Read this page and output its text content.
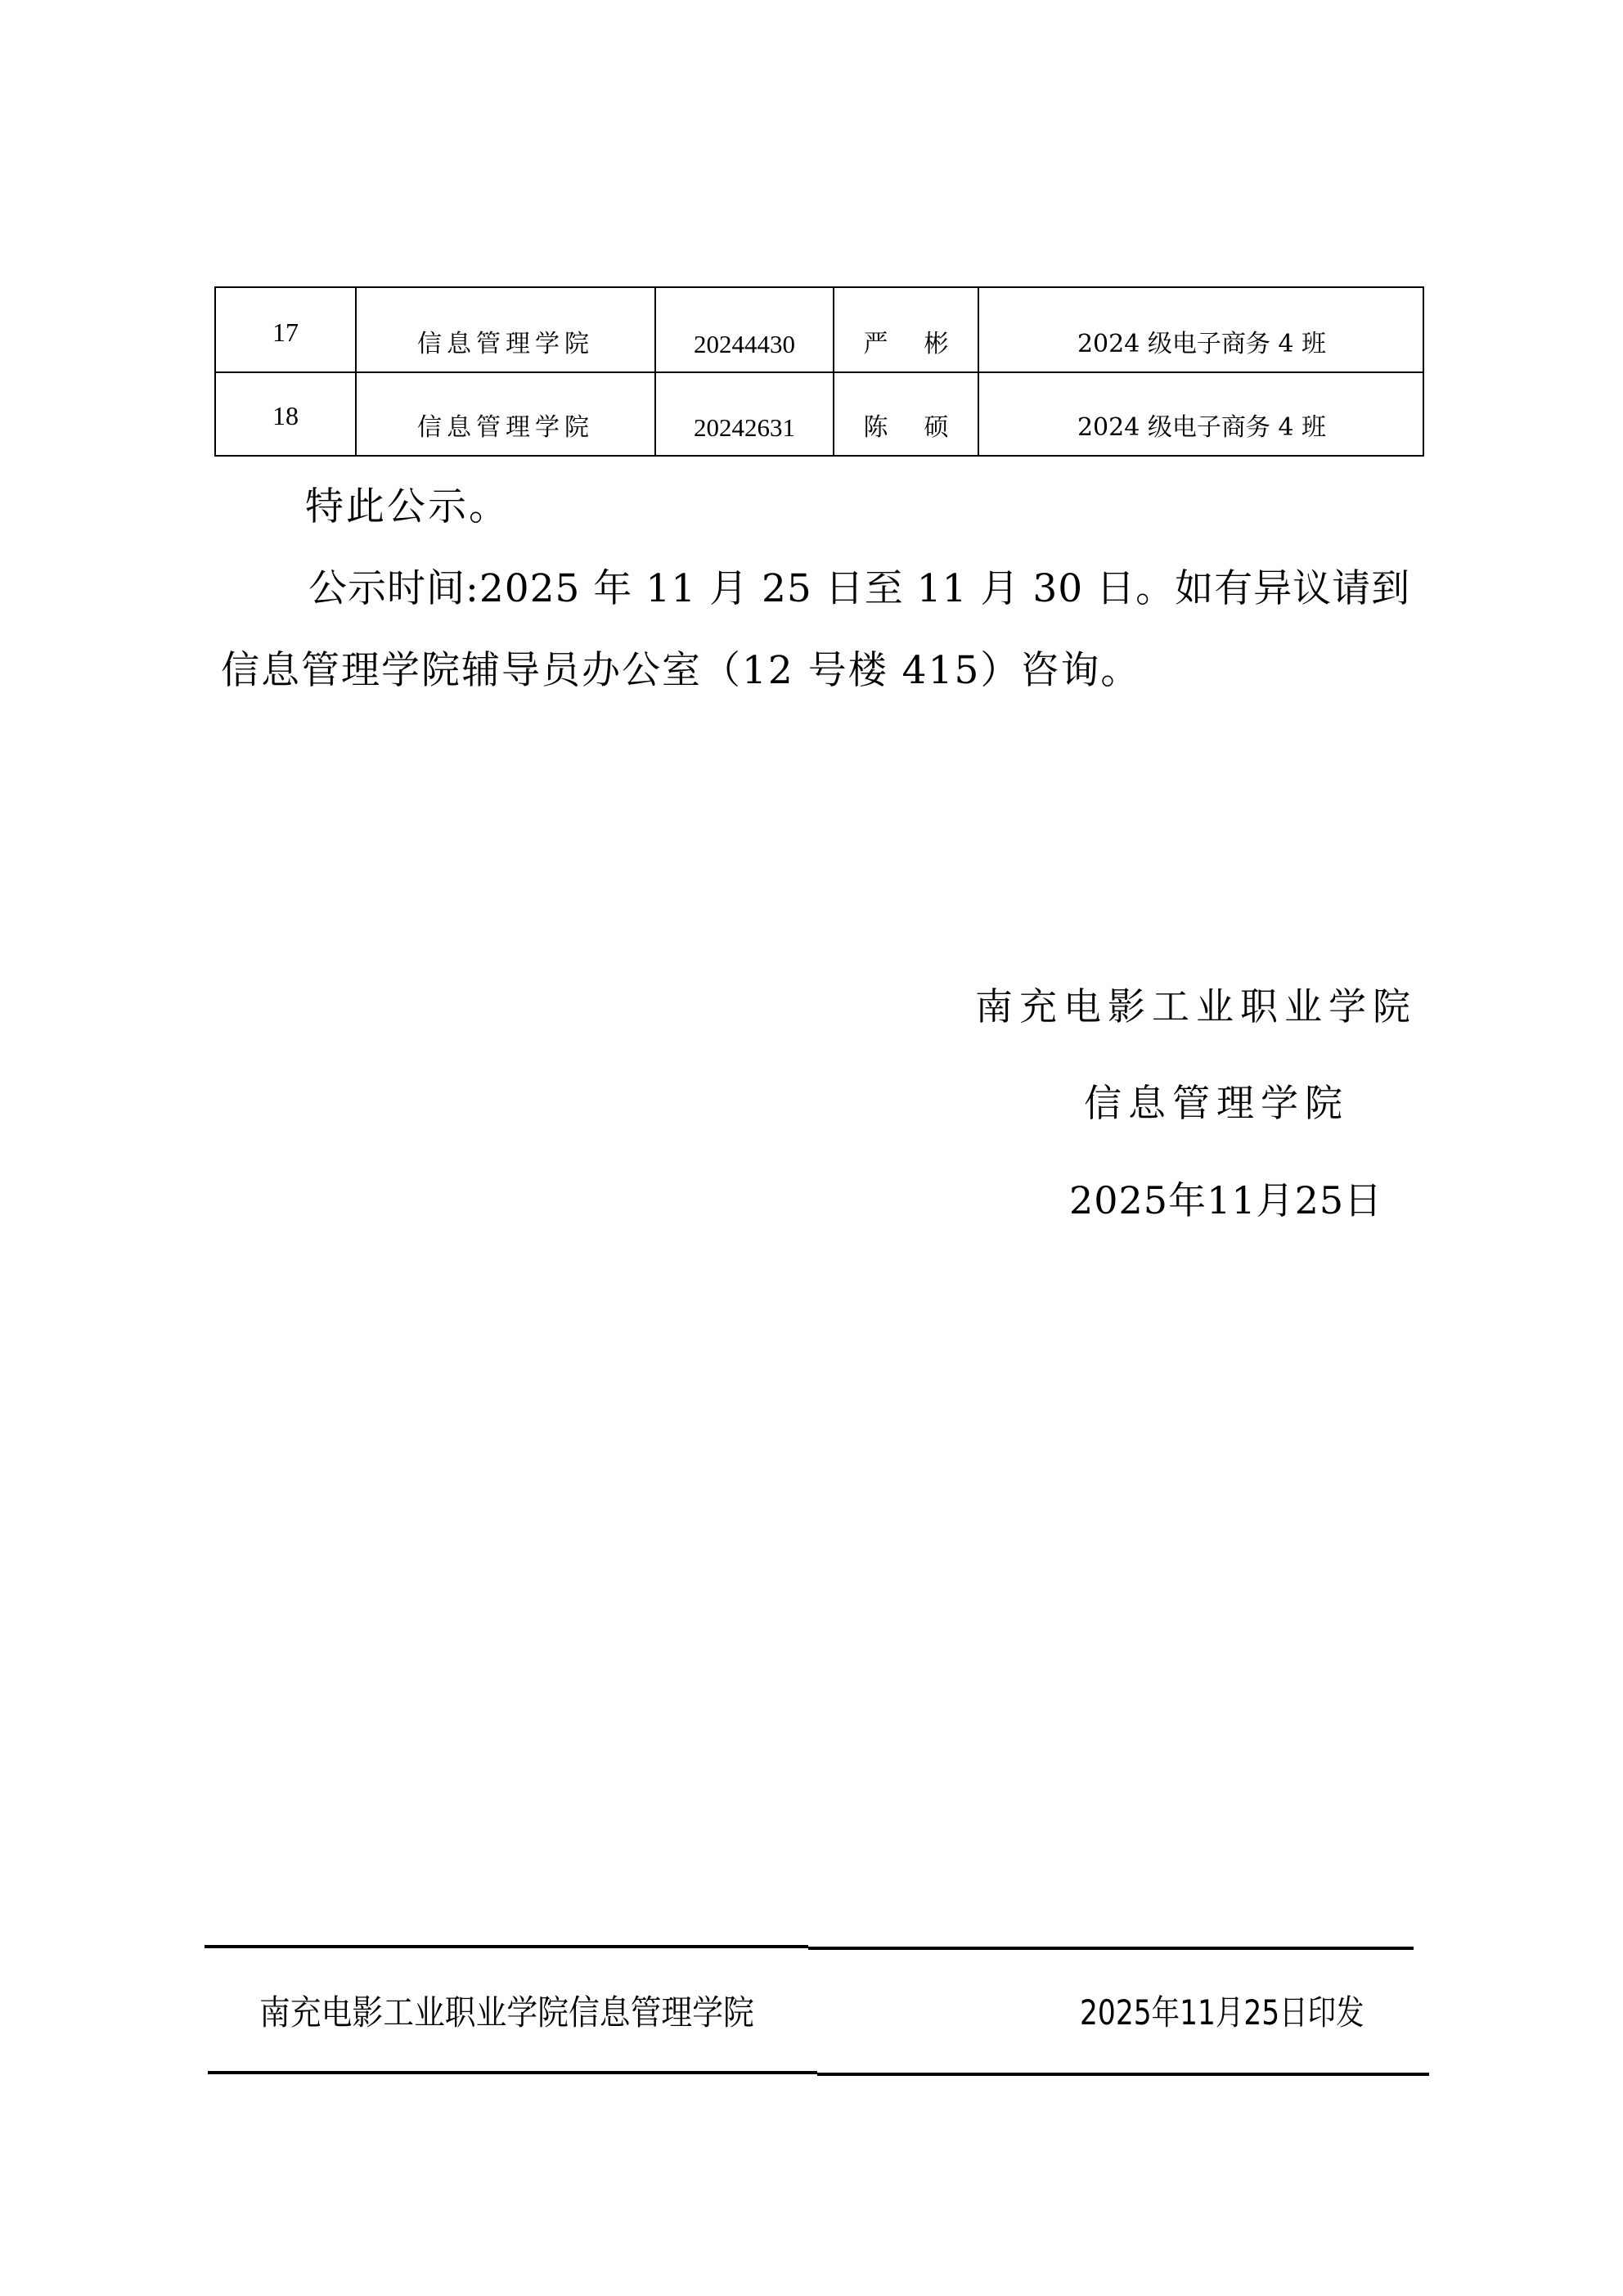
17	信息管理学院	20244430	严 彬	2024 级电子商务 4 班
18	信息管理学院	20242631	陈 硕	2024 级电子商务 4 班
特此公示。
公示时间:2025 年 11 月 25 日至 11 月 30 日。如有异议请到
信息管理学院辅导员办公室（12 号楼 415）咨询。
南充电影工业职业学院
信息管理学院
2025年11月25日
南充电影工业职业学院信息管理学院	2025年11月25日印发
